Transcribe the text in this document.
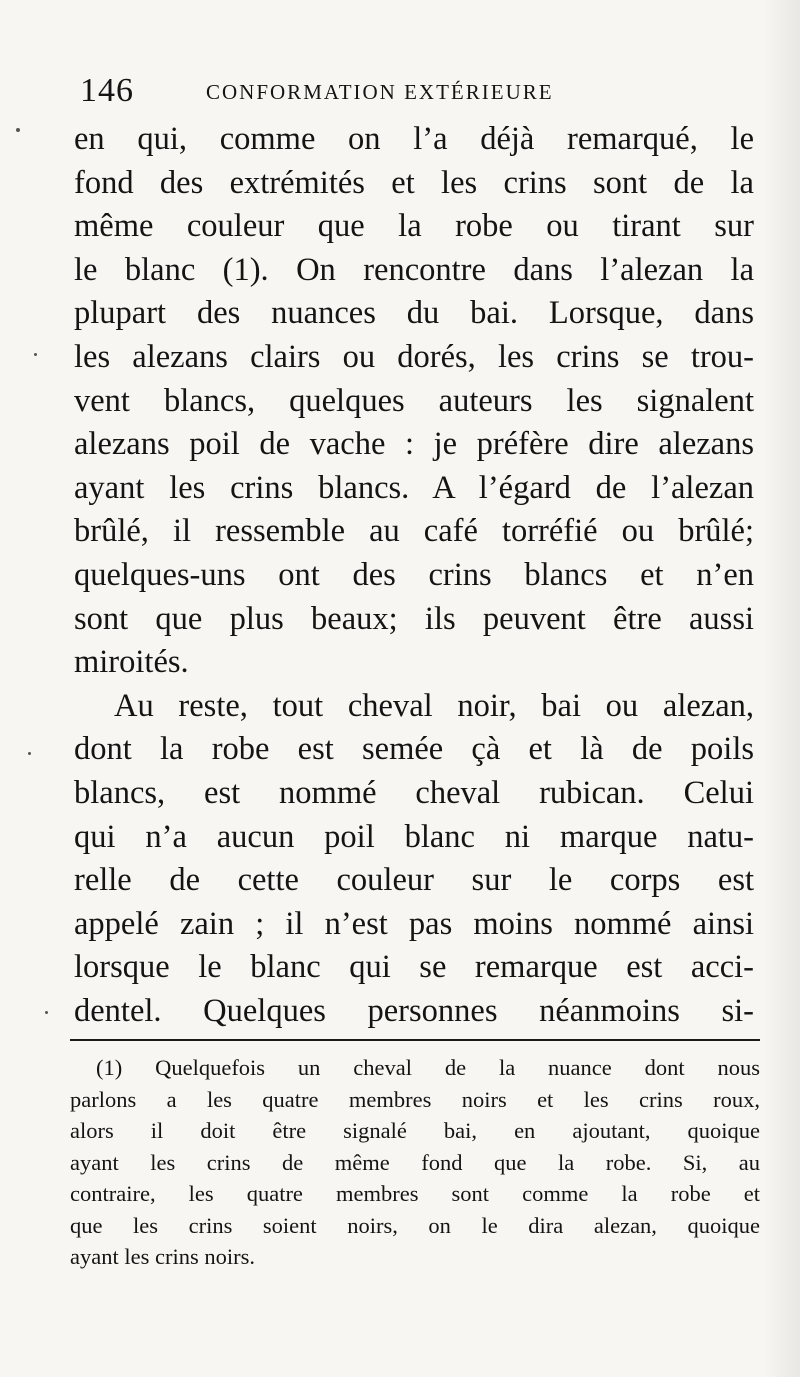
146	CONFORMATION EXTÉRIEURE
en qui, comme on l’a déjà remarqué, le
fond des extrémités et les crins sont de la
même couleur que la robe ou tirant sur
le blanc (1). On rencontre dans l’alezan la
plupart des nuances du bai. Lorsque, dans
les alezans clairs ou dorés, les crins se trou-
vent blancs, quelques auteurs les signalent
alezans poil de vache : je préfère dire alezans
ayant les crins blancs. A l’égard de l’alezan
brûlé, il ressemble au café torréfié ou brûlé;
quelques-uns ont des crins blancs et n’en
sont que plus beaux; ils peuvent être aussi
miroités.
Au reste, tout cheval noir, bai ou alezan,
dont la robe est semée çà et là de poils
blancs, est nommé cheval rubican. Celui
qui n’a aucun poil blanc ni marque natu-
relle de cette couleur sur le corps est
appelé zain ; il n’est pas moins nommé ainsi
lorsque le blanc qui se remarque est acci-
dentel. Quelques personnes néanmoins si-
(1) Quelquefois un cheval de la nuance dont nous
parlons a les quatre membres noirs et les crins roux,
alors il doit être signalé bai, en ajoutant, quoique
ayant les crins de même fond que la robe. Si, au
contraire, les quatre membres sont comme la robe et
que les crins soient noirs, on le dira alezan, quoique
ayant les crins noirs.
